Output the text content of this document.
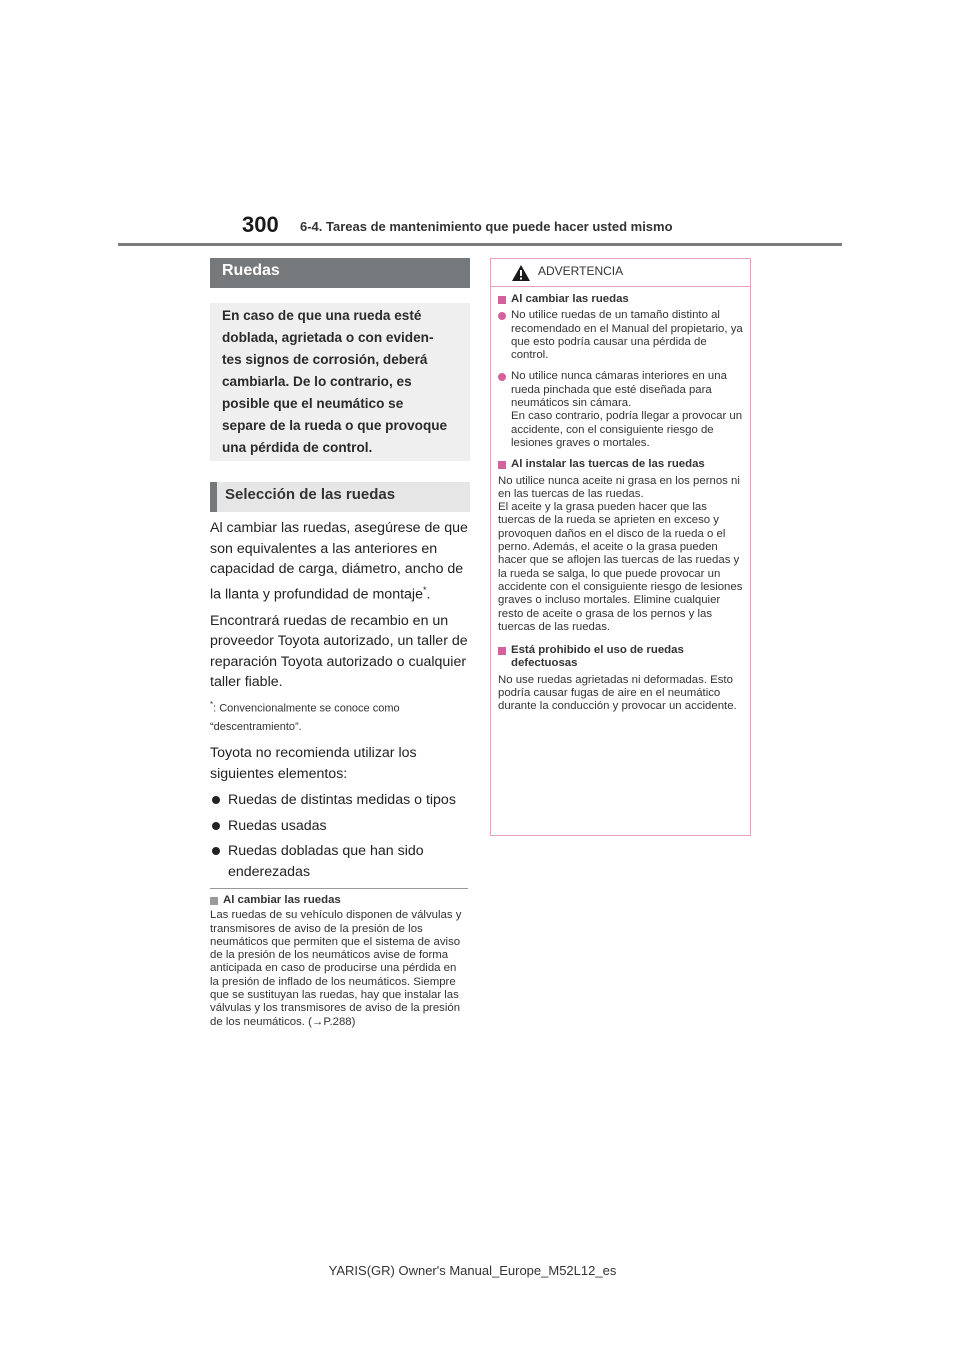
300 6-4. Tareas de mantenimiento que puede hacer usted mismo
Ruedas
En caso de que una rueda esté
doblada, agrietada o con eviden-
tes signos de corrosión, deberá
cambiarla. De lo contrario, es
posible que el neumático se
separe de la rueda o que provoque
una pérdida de control.
Selección de las ruedas

Al cambiar las ruedas, asegúrese de que son equivalentes a las anteriores en capacidad de carga, diámetro, ancho de la llanta y profundidad de montaje*.

Encontrará ruedas de recambio en un proveedor Toyota autorizado, un taller de reparación Toyota autorizado o cualquier taller fiable.

*: Convencionalmente se conoce como “descentramiento”.

Toyota no recomienda utilizar los siguientes elementos:

Ruedas de distintas medidas o tipos
Ruedas usadas
Ruedas dobladas que han sido enderezadas
Al cambiar las ruedas
Las ruedas de su vehículo disponen de válvulas y transmisores de aviso de la presión de los neumáticos que permiten que el sistema de aviso de la presión de los neumáticos avise de forma anticipada en caso de producirse una pérdida en la presión de inflado de los neumáticos. Siempre que se sustituyan las ruedas, hay que instalar las válvulas y los transmisores de aviso de la presión de los neumáticos. (→P.288)
ADVERTENCIA
Al cambiar las ruedas
No utilice ruedas de un tamaño distinto al recomendado en el Manual del propietario, ya que esto podría causar una pérdida de control.
No utilice nunca cámaras interiores en una rueda pinchada que esté diseñada para neumáticos sin cámara.
En caso contrario, podría llegar a provocar un accidente, con el consiguiente riesgo de lesiones graves o mortales.
Al instalar las tuercas de las ruedas
No utilice nunca aceite ni grasa en los pernos ni en las tuercas de las ruedas.
El aceite y la grasa pueden hacer que las tuercas de la rueda se aprieten en exceso y provoquen daños en el disco de la rueda o el perno. Además, el aceite o la grasa pueden hacer que se aflojen las tuercas de las ruedas y la rueda se salga, lo que puede provocar un accidente con el consiguiente riesgo de lesiones graves o incluso mortales. Elimine cualquier resto de aceite o grasa de los pernos y las tuercas de las ruedas.
Está prohibido el uso de ruedas defectuosas
No use ruedas agrietadas ni deformadas. Esto podría causar fugas de aire en el neumático durante la conducción y provocar un accidente.
YARIS(GR) Owner's Manual_Europe_M52L12_es
